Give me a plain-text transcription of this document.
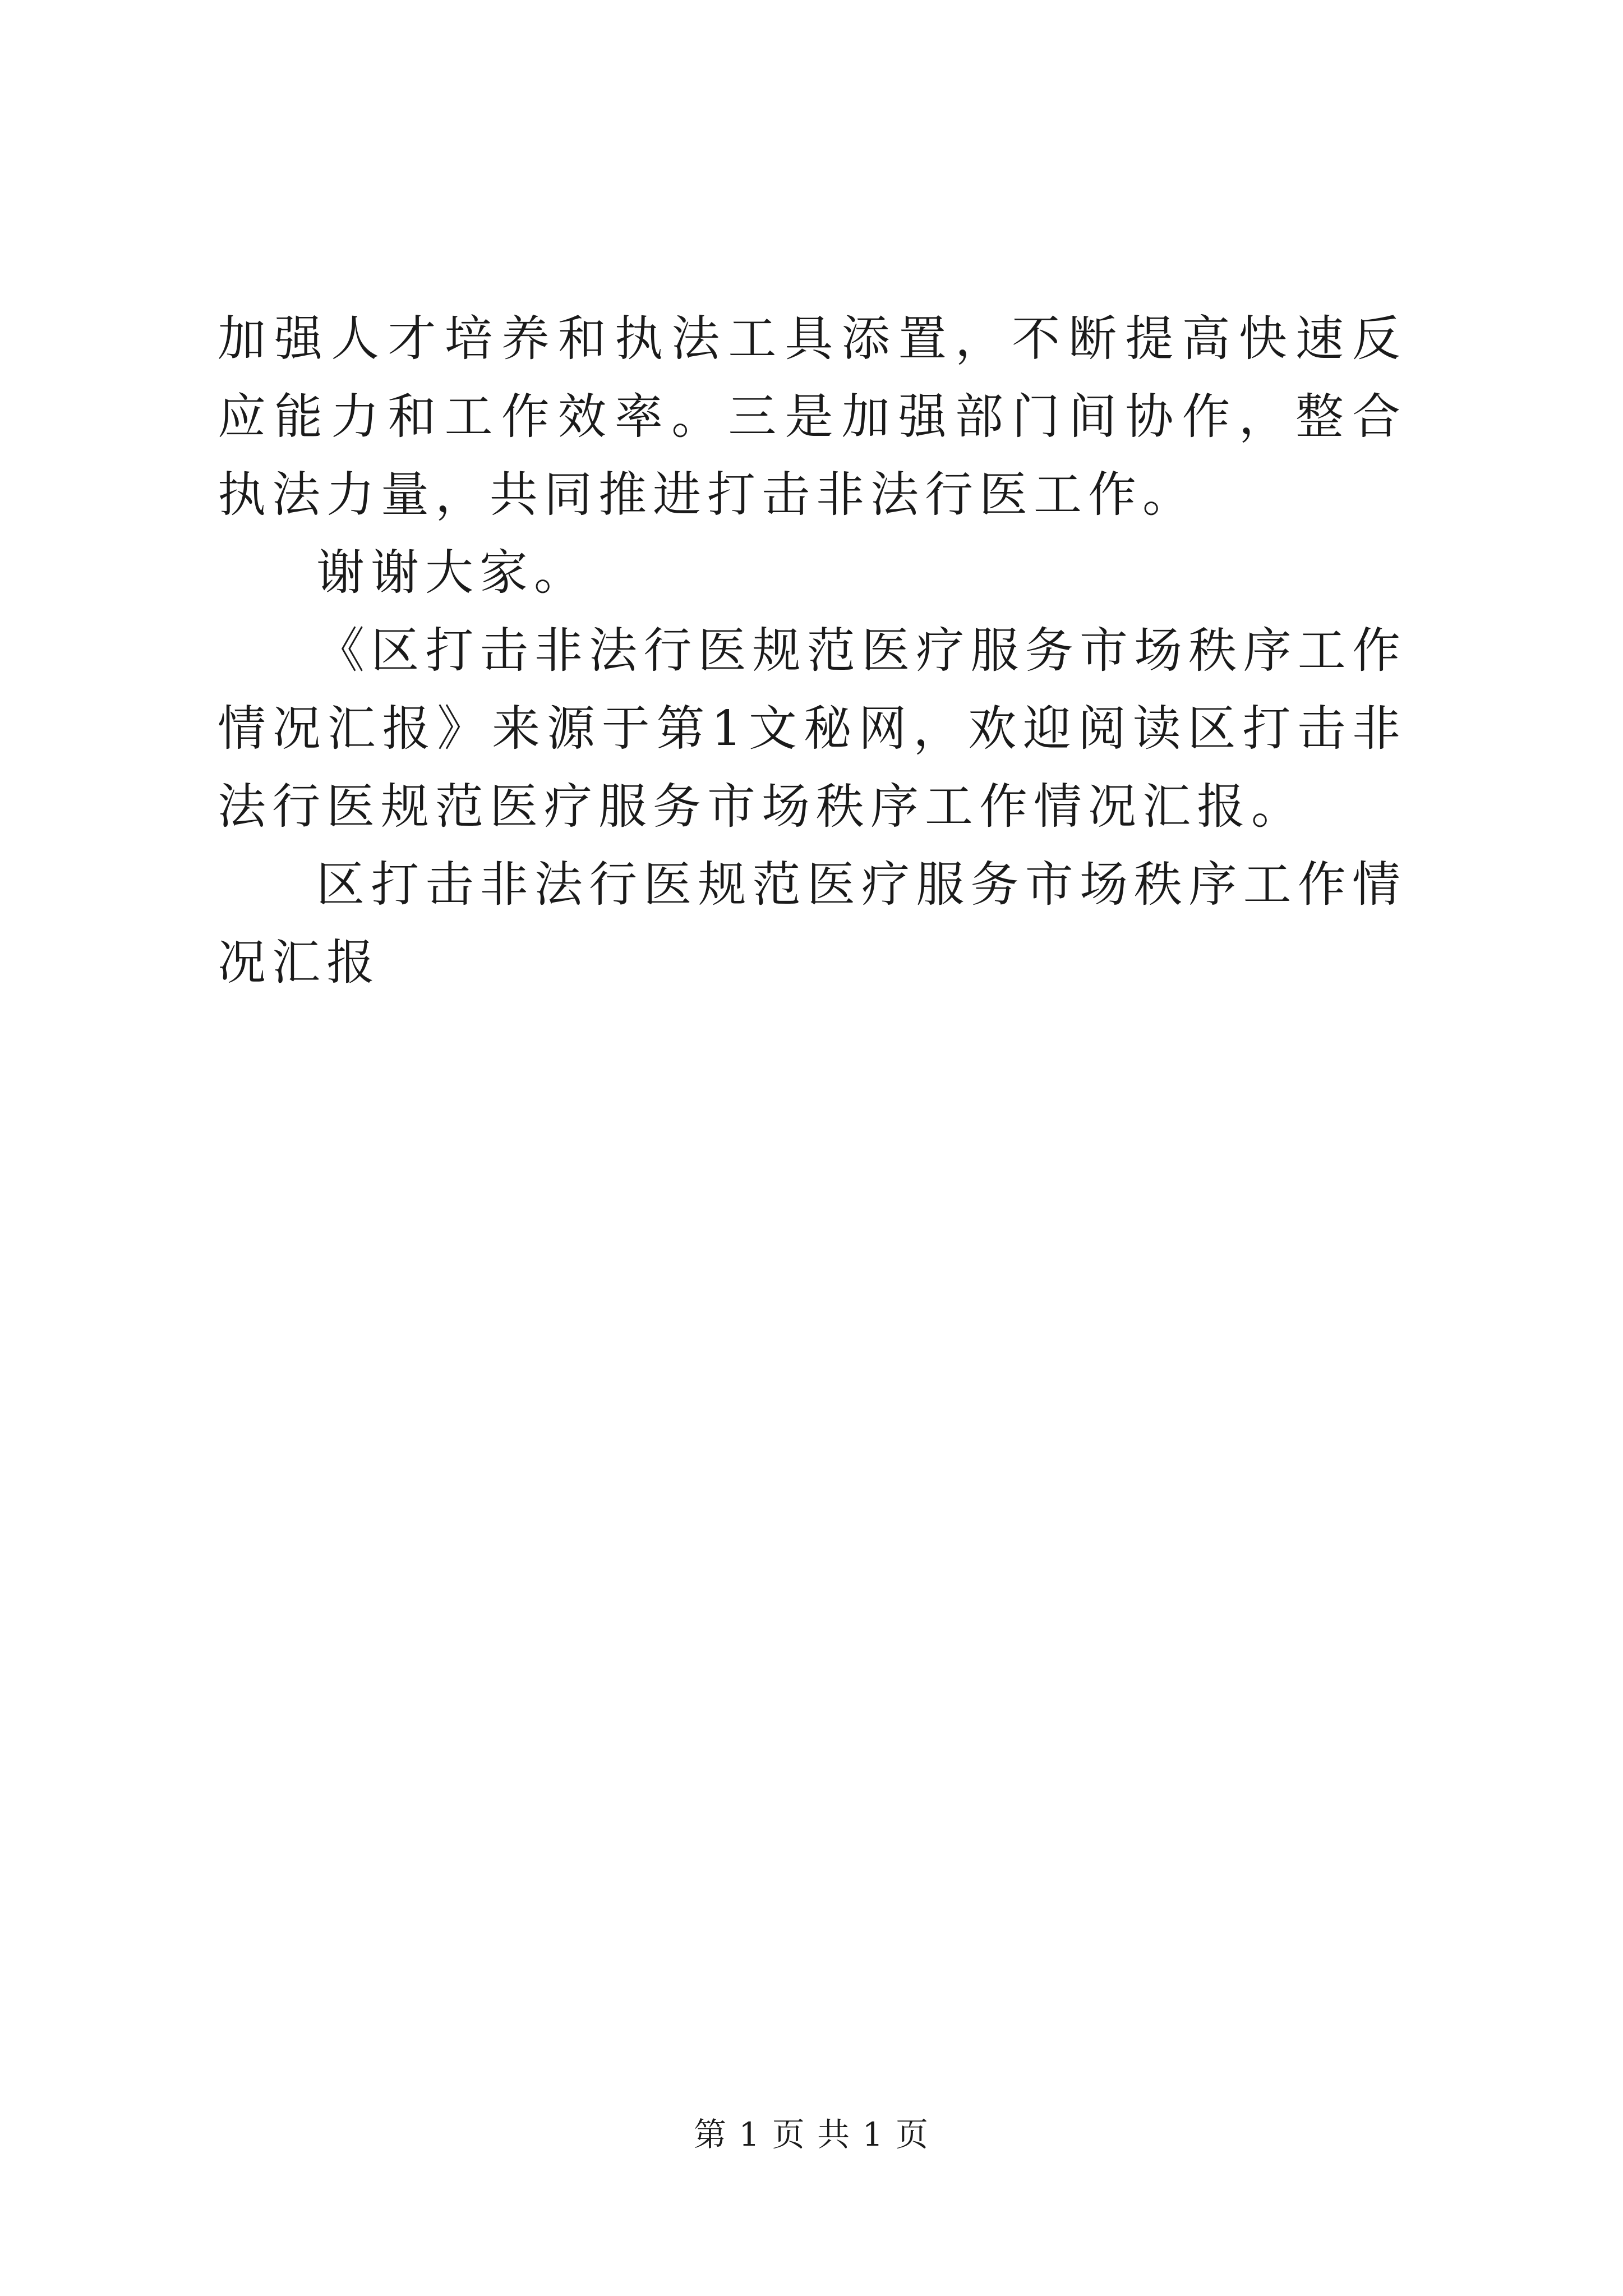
加强人才培养和执法工具添置，不断提高快速反应能力和工作效率。三是加强部门间协作，整合执法力量，共同推进打击非法行医工作。

谢谢大家。

《区打击非法行医规范医疗服务市场秩序工作情况汇报》来源于第1文秘网，欢迎阅读区打击非法行医规范医疗服务市场秩序工作情况汇报。

区打击非法行医规范医疗服务市场秩序工作情况汇报

第 1 页 共 1 页
